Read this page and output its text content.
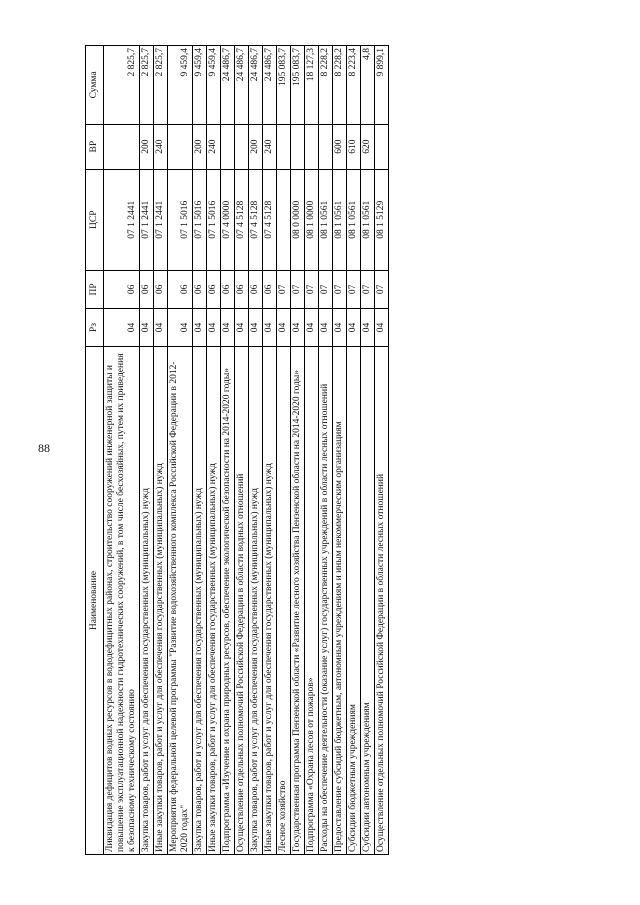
88
Наименование	Рз	ПР	ЦСР	ВР	Сумма
Ликвидация дефицитов водных ресурсов в вододефицитных районах, строительство сооружений инженерной защиты и повышение эксплуатационной надежности гидротехнических сооружений, в том числе бесхозяйных, путем их приведения к безопасному техническому состоянию	04	06	07 1 2441		2 825,7
Закупка товаров, работ и услуг для обеспечения государственных (муниципальных) нужд	04	06	07 1 2441	200	2 825,7
Иные закупки товаров, работ и услуг для обеспечения государственных (муниципальных) нужд	04	06	07 1 2441	240	2 825,7
Мероприятия федеральной целевой программы "Развитие водохозяйственного комплекса Российской Федерации в 2012-2020 годах"	04	06	07 1 5016		9 459,4
Закупка товаров, работ и услуг для обеспечения государственных (муниципальных) нужд	04	06	07 1 5016	200	9 459,4
Иные закупки товаров, работ и услуг для обеспечения государственных (муниципальных) нужд	04	06	07 1 5016	240	9 459,4
Подпрограмма «Изучение и охрана природных ресурсов, обеспечение экологической безопасности на 2014-2020 годы»	04	06	07 4 0000		24 486,7
Осуществление отдельных полномочий Российской Федерации в области водных отношений	04	06	07 4 5128		24 486,7
Закупка товаров, работ и услуг для обеспечения государственных (муниципальных) нужд	04	06	07 4 5128	200	24 486,7
Иные закупки товаров, работ и услуг для обеспечения государственных (муниципальных) нужд	04	06	07 4 5128	240	24 486,7
Лесное хозяйство	04	07			195 083,7
Государственная программа Пензенской области «Развитие лесного хозяйства Пензенской области на 2014-2020 годы»	04	07	08 0 0000		195 083,7
Подпрограмма «Охрана лесов от пожаров»	04	07	08 1 0000		18 127,3
Расходы на обеспечение деятельности (оказание услуг) государственных учреждений в области лесных отношений	04	07	08 1 0561		8 228,2
Предоставление субсидий бюджетным, автономным учреждениям и иным некоммерческим организациям	04	07	08 1 0561	600	8 228,2
Субсидии бюджетным учреждениям	04	07	08 1 0561	610	8 223,4
Субсидии автономным учреждениям	04	07	08 1 0561	620	4,8
Осуществление отдельных полномочий Российской Федерации в области лесных отношений	04	07	08 1 5129		9 899,1
